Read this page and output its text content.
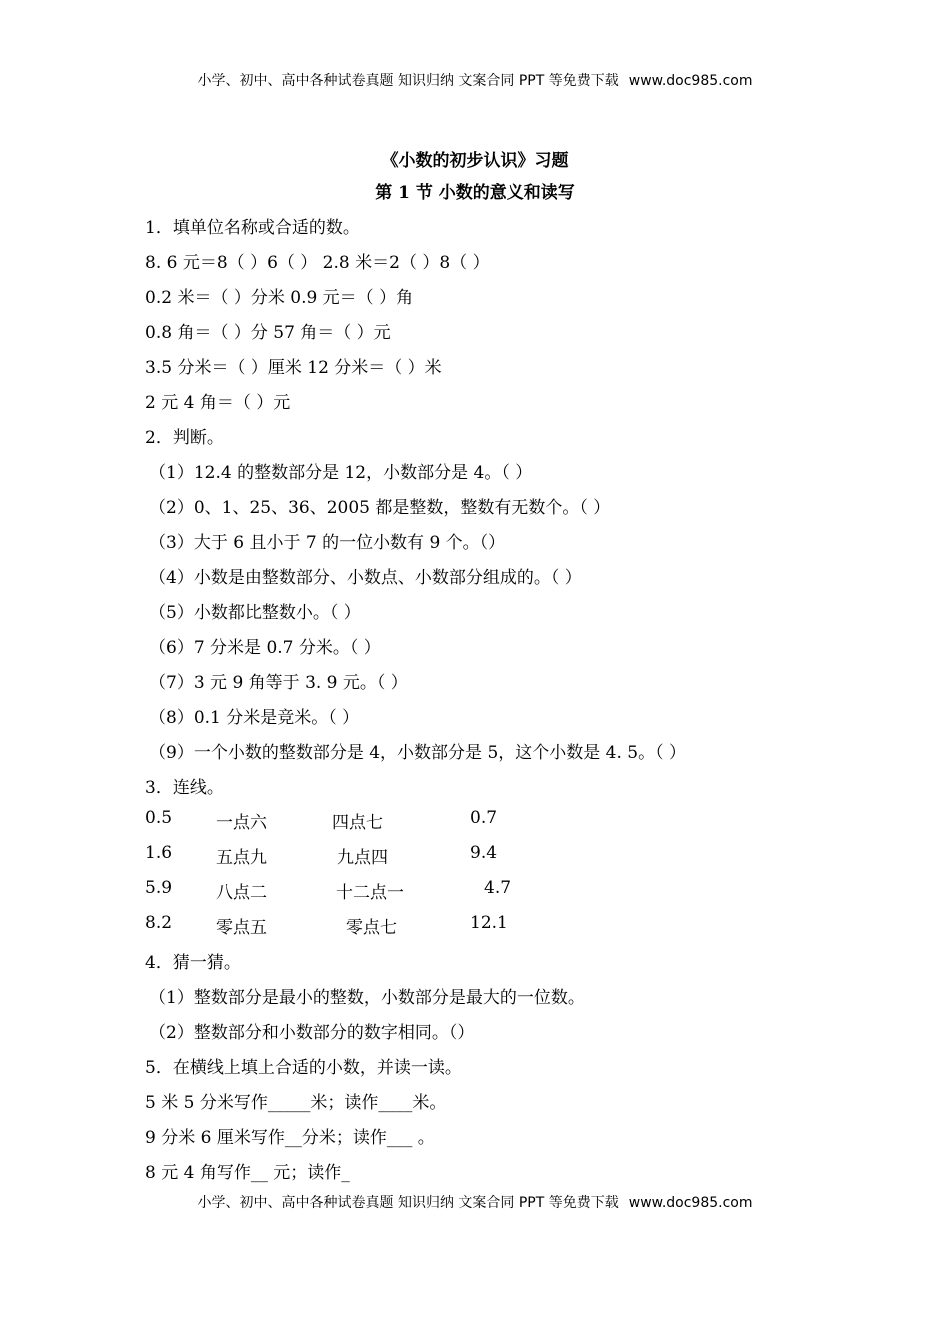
小学、初中、高中各种试卷真题 知识归纳 文案合同 PPT 等免费下载 www.doc985.com
《小数的初步认识》习题
第 1 节 小数的意义和读写
1．填单位名称或合适的数。
8. 6 元＝8（ ）6（ ） 2.8 米＝2（ ）8（ ）
0.2 米＝（ ）分米 0.9 元＝（ ）角
0.8 角＝（ ）分 57 角＝（ ）元
3.5 分米＝（ ）厘米 12 分米＝（ ）米
2 元 4 角＝（ ）元
2．判断。
（1）12.4 的整数部分是 12，小数部分是 4。（ ）
（2）0、1、25、36、2005 都是整数，整数有无数个。（ ）
（3）大于 6 且小于 7 的一位小数有 9 个。（）
（4）小数是由整数部分、小数点、小数部分组成的。（ ）
（5）小数都比整数小。（ ）
（6）7 分米是 0.7 分米。（ ）
（7）3 元 9 角等于 3. 9 元。（ ）
（8）0.1 分米是竞米。（ ）
（9）一个小数的整数部分是 4，小数部分是 5，这个小数是 4. 5。（ ）
3．连线。
0.5	一点六	四点七	0.7
1.6	五点九	九点四	9.4
5.9	八点二	十二点一	4.7
8.2	零点五	零点七	12.1
4．猜一猜。
（1）整数部分是最小的整数，小数部分是最大的一位数。
（2）整数部分和小数部分的数字相同。（）
5．在横线上填上合适的小数，并读一读。
5 米 5 分米写作_____米；读作____米。
9 分米 6 厘米写作__分米；读作___ 。
8 元 4 角写作__ 元；读作_
小学、初中、高中各种试卷真题 知识归纳 文案合同 PPT 等免费下载 www.doc985.com
